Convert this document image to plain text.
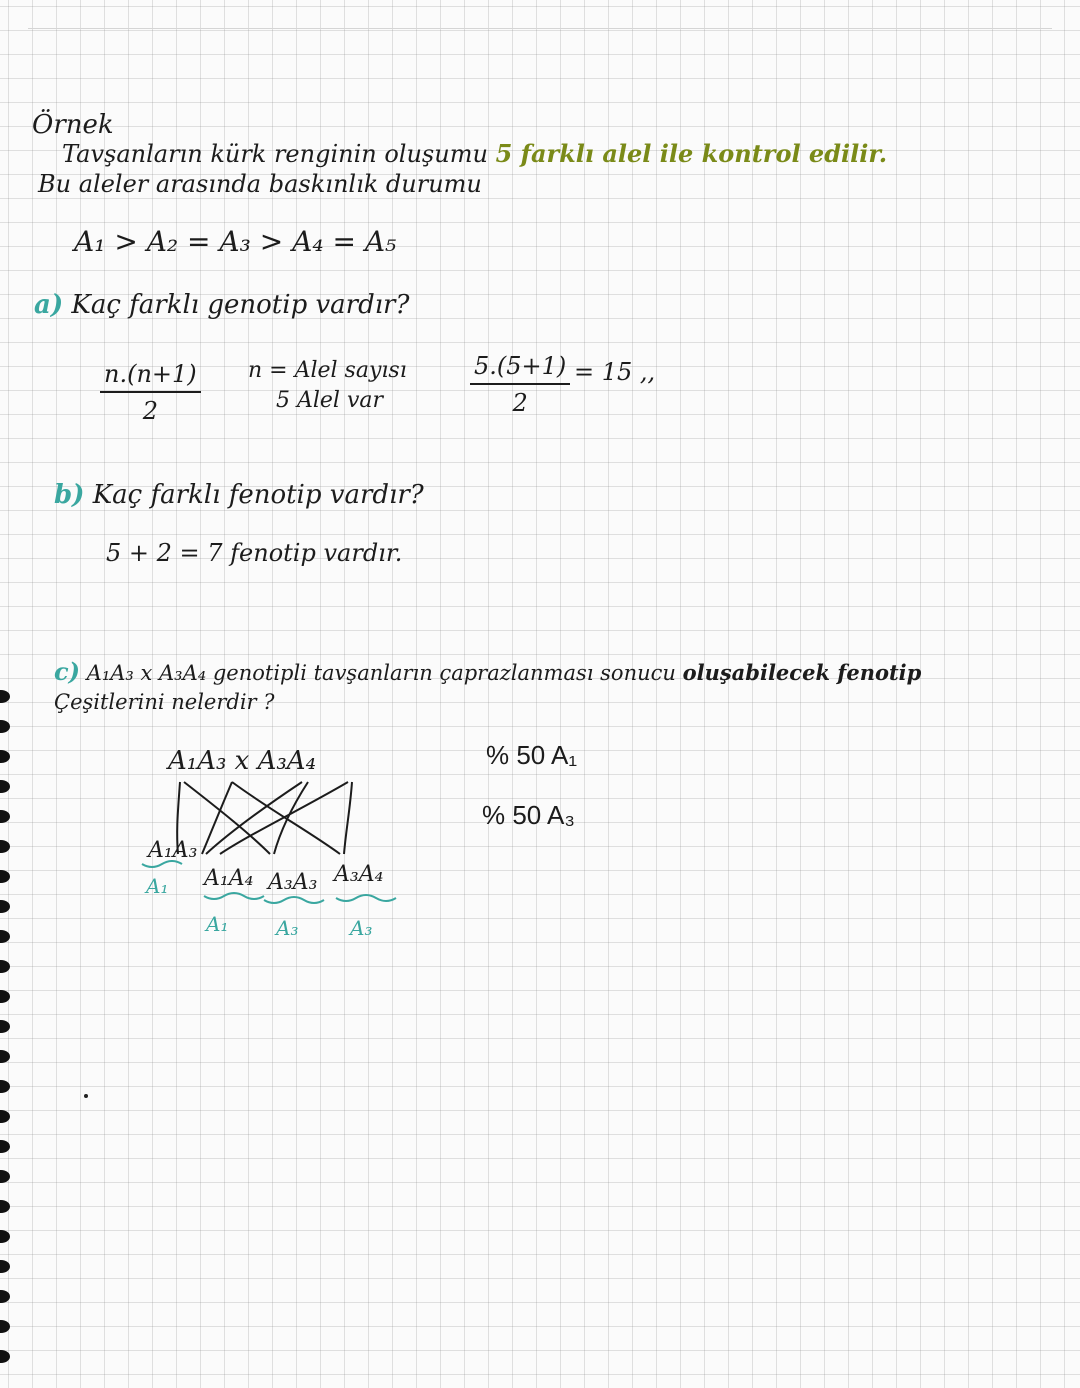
Örnek
Tavşanların kürk renginin oluşumu 5 farklı alel ile kontrol edilir.
Bu aleler arasında baskınlık durumu
A₁ > A₂ = A₃ > A₄ = A₅
a) Kaç farklı genotip vardır?
$\frac{n.(n+1)}{2}$ n = Alel sayısı
5 Alel var	$\frac{5.(5+1)}{2} = 15$ ,,
b) Kaç farklı fenotip vardır?
5 + 2 = 7 fenotip vardır.
c) A₁A₃ x A₃A₄ genotipli tavşanların çaprazlanması sonucu oluşabilecek fenotip
Çeşitlerini nelerdir ?
A₁A₃ x A₃A₄
A₁A₃
A₁ A₁A₄
A₁
A₃A₃
A₃
A₃A₄
A₃
% 50 A₁
% 50 A₃
